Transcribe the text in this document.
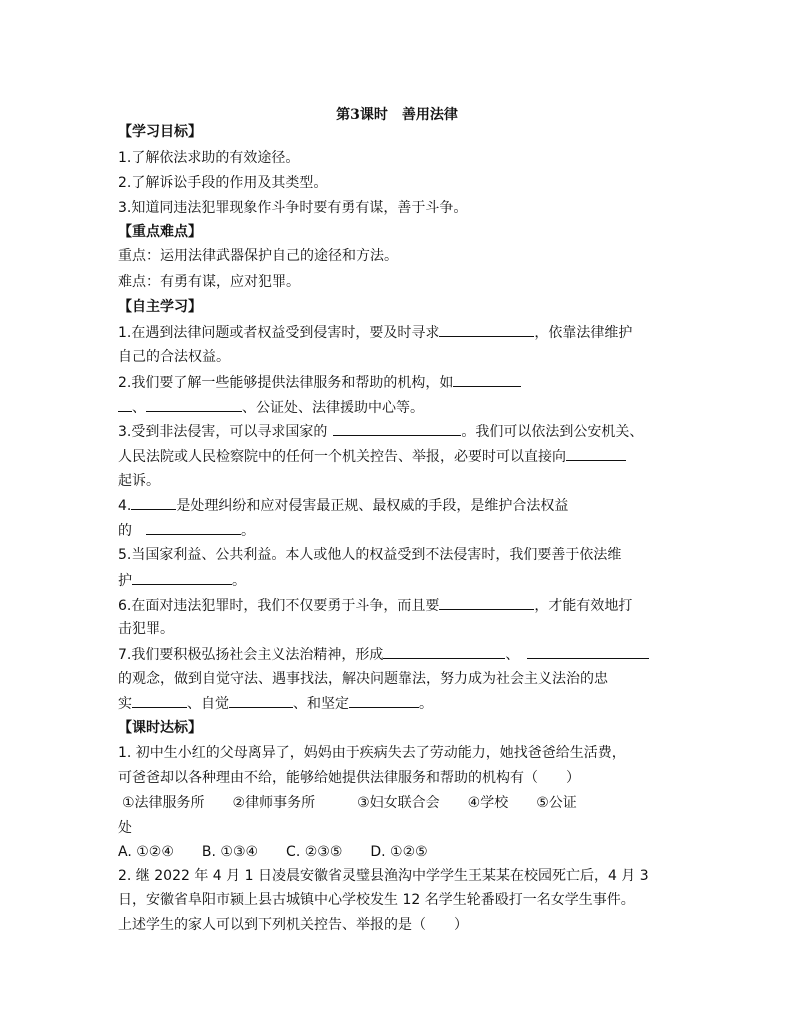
第3课时　善用法律
【学习目标】
1.了解依法求助的有效途径。
2.了解诉讼手段的作用及其类型。
3.知道同违法犯罪现象作斗争时要有勇有谋，善于斗争。
【重点难点】
重点：运用法律武器保护自己的途径和方法。
难点：有勇有谋，应对犯罪。
【自主学习】
1.在遇到法律问题或者权益受到侵害时，要及时寻求	，依靠法律维护
自己的合法权益。
2.我们要了解一些能够提供法律服务和帮助的机构，如
、	、公证处、法律援助中心等。
3.受到非法侵害，可以寻求国家的	。我们可以依法到公安机关、
人民法院或人民检察院中的任何一个机关控告、举报，必要时可以直接向
起诉。
4.	是处理纠纷和应对侵害最正规、最权威的手段，是维护合法权益
的	。
5.当国家利益、公共利益。本人或他人的权益受到不法侵害时，我们要善于依法维
护	。
6.在面对违法犯罪时，我们不仅要勇于斗争，而且要	，才能有效地打
击犯罪。
7.我们要积极弘扬社会主义法治精神，形成	、
的观念，做到自觉守法、遇事找法，解决问题靠法，努力成为社会主义法治的忠
实	、自觉	、和坚定	。
【课时达标】
1. 初中生小红的父母离异了，妈妈由于疾病失去了劳动能力，她找爸爸给生活费，
可爸爸却以各种理由不给，能够给她提供法律服务和帮助的机构有（　　）
①法律服务所　　②律师事务所　　　③妇女联合会　　④学校　　⑤公证
处
A. ①②④　　B. ①③④　　C. ②③⑤　　D. ①②⑤
2. 继 2022 年 4 月 1 日凌晨安徽省灵璧县渔沟中学学生王某某在校园死亡后，4 月 3
日，安徽省阜阳市颍上县古城镇中心学校发生 12 名学生轮番殴打一名女学生事件。
上述学生的家人可以到下列机关控告、举报的是（　　）
